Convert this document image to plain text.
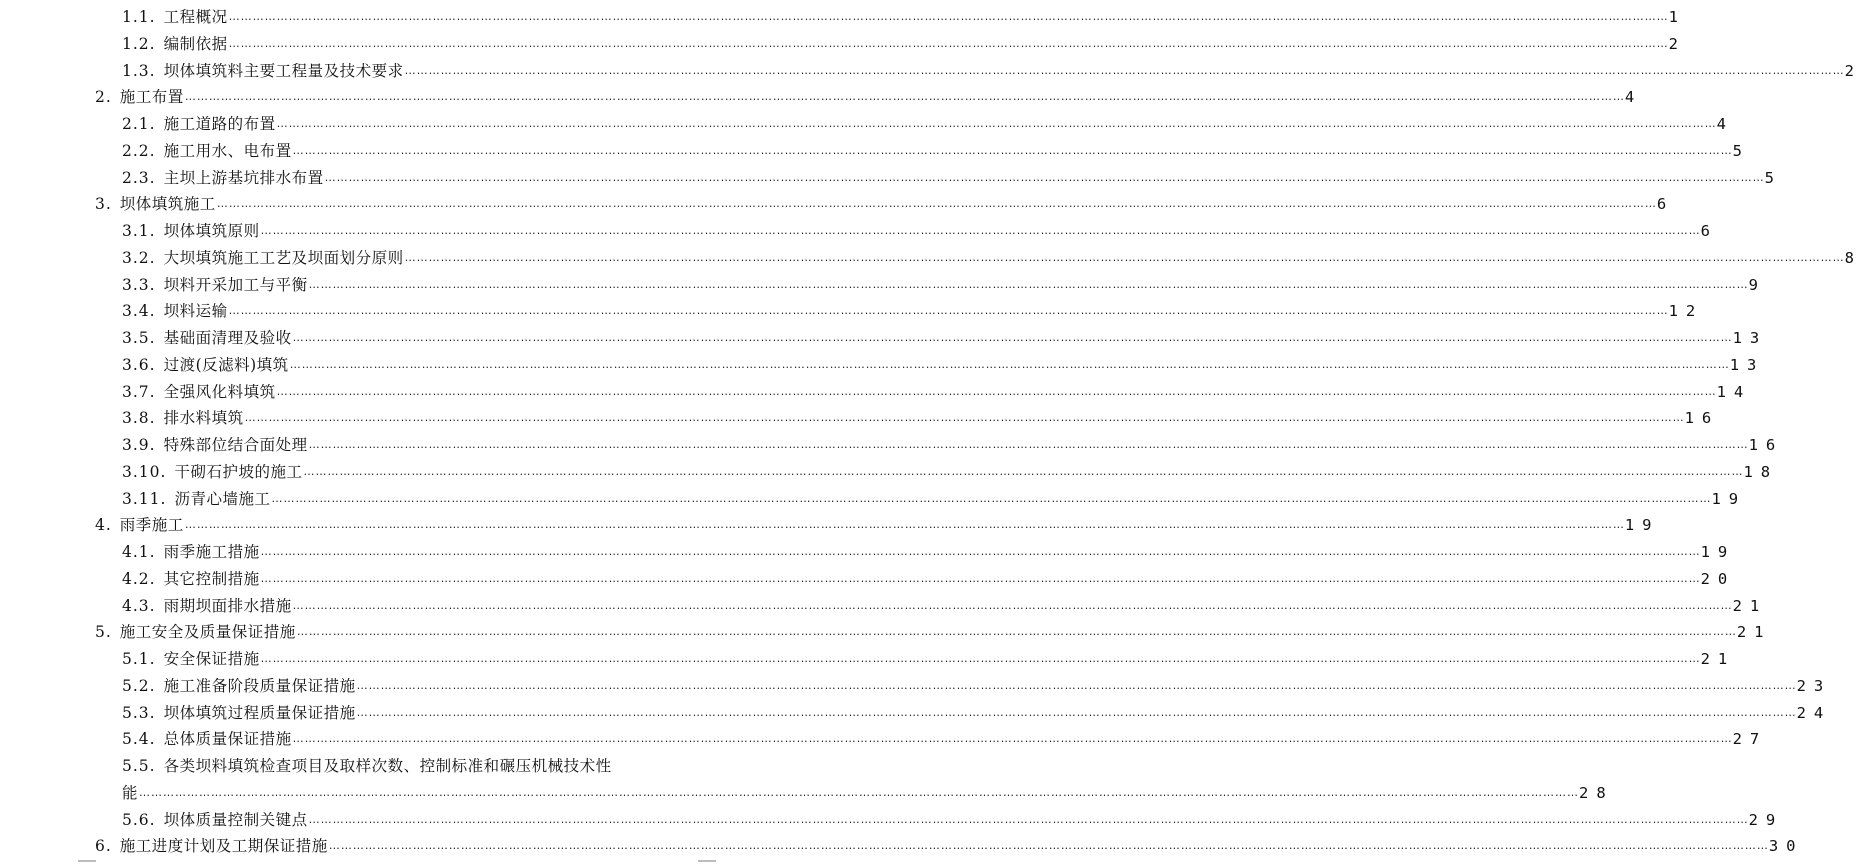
1.1. 工程概况 ……………………………………………………………………………………………………………………………………………………………………………………………………………………………………………………………………………………………………………………………… 1
1.2. 编制依据 ……………………………………………………………………………………………………………………………………………………………………………………………………………………………………………………………………………………………………………………………… 2
1.3. 坝体填筑料主要工程量及技术要求 ……………………………………………………………………………………………………………………………………………………………………………………………………………………………………………………………………………………………………………………………… 2
2. 施工布置 ……………………………………………………………………………………………………………………………………………………………………………………………………………………………………………………………………………………………………………………………… 4
2.1. 施工道路的布置 ……………………………………………………………………………………………………………………………………………………………………………………………………………………………………………………………………………………………………………………………… 4
2.2. 施工用水、电布置 ……………………………………………………………………………………………………………………………………………………………………………………………………………………………………………………………………………………………………………………………… 5
2.3. 主坝上游基坑排水布置 ……………………………………………………………………………………………………………………………………………………………………………………………………………………………………………………………………………………………………………………………… 5
3. 坝体填筑施工 ……………………………………………………………………………………………………………………………………………………………………………………………………………………………………………………………………………………………………………………………… 6
3.1. 坝体填筑原则 ……………………………………………………………………………………………………………………………………………………………………………………………………………………………………………………………………………………………………………………………… 6
3.2. 大坝填筑施工工艺及坝面划分原则 ……………………………………………………………………………………………………………………………………………………………………………………………………………………………………………………………………………………………………………………………… 8
3.3. 坝料开采加工与平衡 ……………………………………………………………………………………………………………………………………………………………………………………………………………………………………………………………………………………………………………………………… 9
3.4. 坝料运输 ……………………………………………………………………………………………………………………………………………………………………………………………………………………………………………………………………………………………………………………………… 12
3.5. 基础面清理及验收 ……………………………………………………………………………………………………………………………………………………………………………………………………………………………………………………………………………………………………………………………… 13
3.6. 过渡(反滤料)填筑 ……………………………………………………………………………………………………………………………………………………………………………………………………………………………………………………………………………………………………………………………… 13
3.7. 全强风化料填筑 ……………………………………………………………………………………………………………………………………………………………………………………………………………………………………………………………………………………………………………………………… 14
3.8. 排水料填筑 ……………………………………………………………………………………………………………………………………………………………………………………………………………………………………………………………………………………………………………………………… 16
3.9. 特殊部位结合面处理 ……………………………………………………………………………………………………………………………………………………………………………………………………………………………………………………………………………………………………………………………… 16
3.10. 干砌石护坡的施工 ……………………………………………………………………………………………………………………………………………………………………………………………………………………………………………………………………………………………………………………………… 18
3.11. 沥青心墙施工 ……………………………………………………………………………………………………………………………………………………………………………………………………………………………………………………………………………………………………………………………… 19
4. 雨季施工 ……………………………………………………………………………………………………………………………………………………………………………………………………………………………………………………………………………………………………………………………… 19
4.1. 雨季施工措施 ……………………………………………………………………………………………………………………………………………………………………………………………………………………………………………………………………………………………………………………………… 19
4.2. 其它控制措施 ……………………………………………………………………………………………………………………………………………………………………………………………………………………………………………………………………………………………………………………………… 20
4.3. 雨期坝面排水措施 ……………………………………………………………………………………………………………………………………………………………………………………………………………………………………………………………………………………………………………………………… 21
5. 施工安全及质量保证措施 ……………………………………………………………………………………………………………………………………………………………………………………………………………………………………………………………………………………………………………………………… 21
5.1. 安全保证措施 ……………………………………………………………………………………………………………………………………………………………………………………………………………………………………………………………………………………………………………………………… 21
5.2. 施工准备阶段质量保证措施 ……………………………………………………………………………………………………………………………………………………………………………………………………………………………………………………………………………………………………………………………… 23
5.3. 坝体填筑过程质量保证措施 ……………………………………………………………………………………………………………………………………………………………………………………………………………………………………………………………………………………………………………………………… 24
5.4. 总体质量保证措施 ……………………………………………………………………………………………………………………………………………………………………………………………………………………………………………………………………………………………………………………………… 27
5.5. 各类坝料填筑检查项目及取样次数、控制标准和碾压机械技术性
能 ……………………………………………………………………………………………………………………………………………………………………………………………………………………………………………………………………………………………………………………………… 28
5.6. 坝体质量控制关键点 ……………………………………………………………………………………………………………………………………………………………………………………………………………………………………………………………………………………………………………………………… 29
6. 施工进度计划及工期保证措施 ……………………………………………………………………………………………………………………………………………………………………………………………………………………………………………………………………………………………………………………………… 30
